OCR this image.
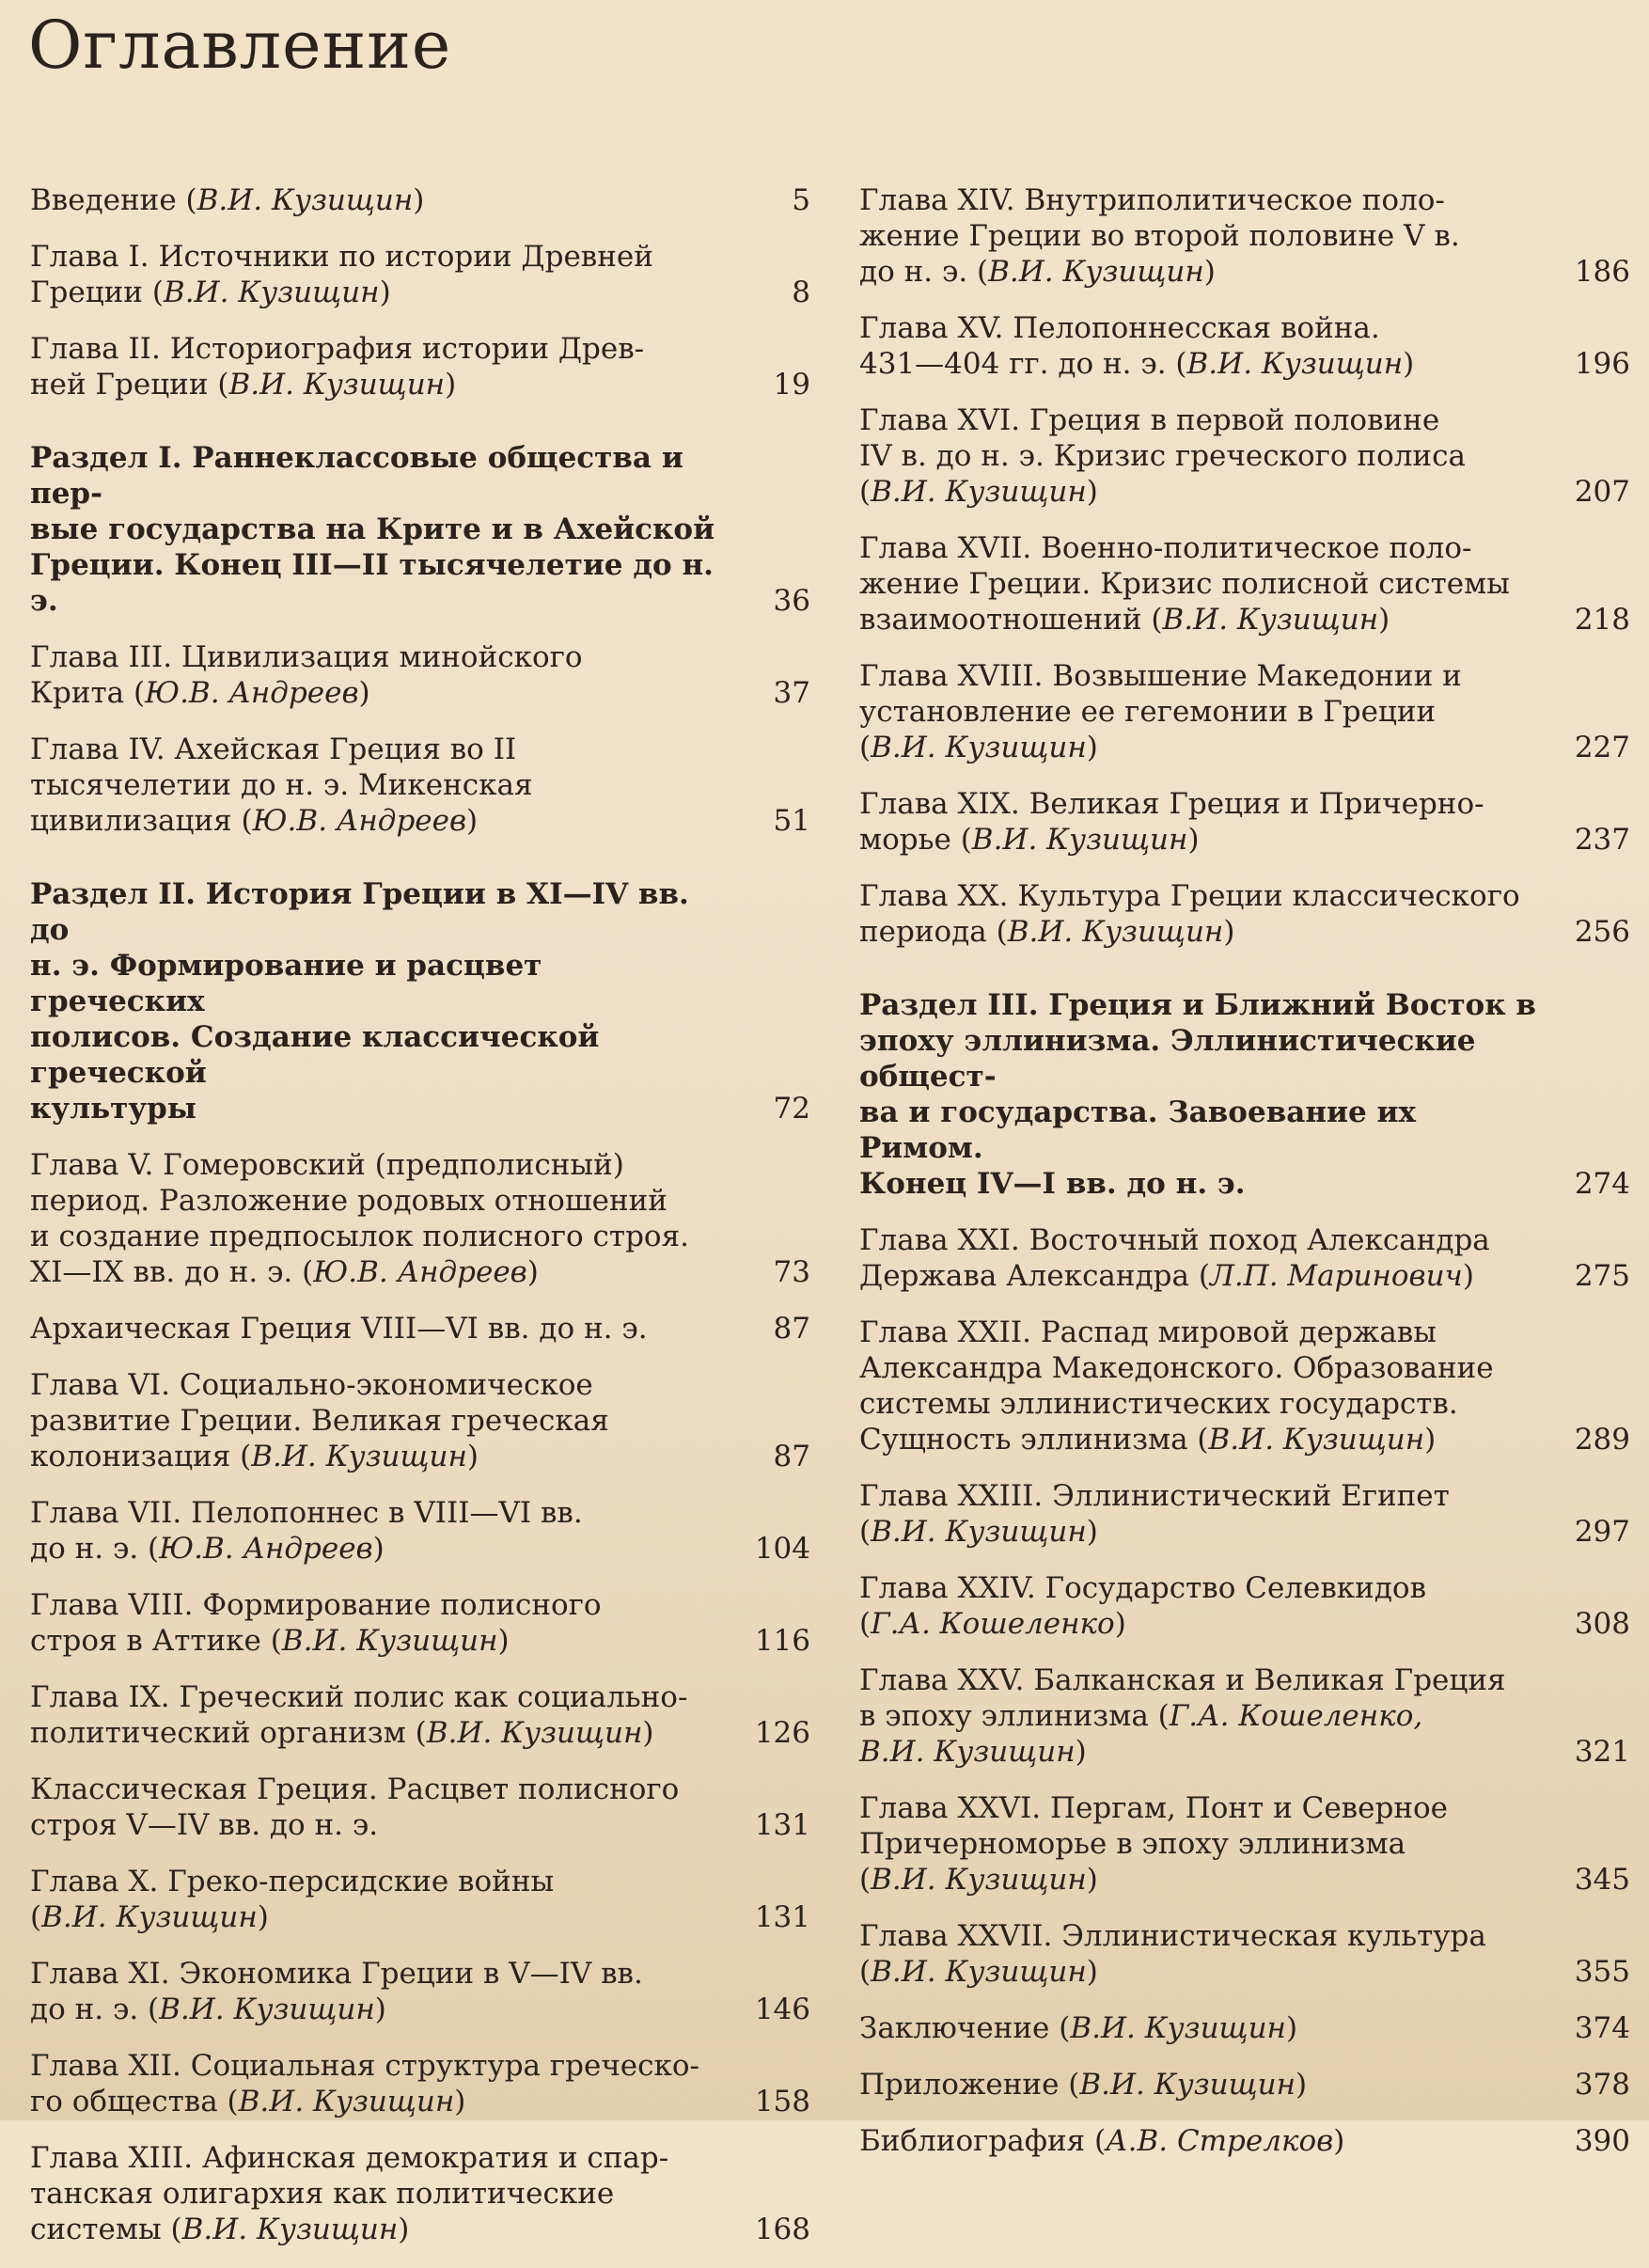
Оглавление
Введение (В.И. Кузищин)	5
Глава I. Источники по истории Древней
Греции (В.И. Кузищин)	8
Глава II. Историография истории Древ-
ней Греции (В.И. Кузищин)	19
Раздел I. Раннеклассовые общества и пер-
вые государства на Крите и в Ахейской
Греции. Конец III—II тысячелетие до н. э.	36
Глава III. Цивилизация минойского
Крита (Ю.В. Андреев)	37
Глава IV. Ахейская Греция во II
тысячелетии до н. э. Микенская
цивилизация (Ю.В. Андреев)	51
Раздел II. История Греции в XI—IV вв. до
н. э. Формирование и расцвет греческих
полисов. Создание классической греческой
культуры	72
Глава V. Гомеровский (предполисный)
период. Разложение родовых отношений
и создание предпосылок полисного строя.
XI—IX вв. до н. э. (Ю.В. Андреев)	73
Архаическая Греция VIII—VI вв. до н. э.	87
Глава VI. Социально-экономическое
развитие Греции. Великая греческая
колонизация (В.И. Кузищин)	87
Глава VII. Пелопоннес в VIII—VI вв.
до н. э. (Ю.В. Андреев)	104
Глава VIII. Формирование полисного
строя в Аттике (В.И. Кузищин)	116
Глава IX. Греческий полис как социально-
политический организм (В.И. Кузищин)	126
Классическая Греция. Расцвет полисного
строя V—IV вв. до н. э.	131
Глава X. Греко-персидские войны
(В.И. Кузищин)	131
Глава XI. Экономика Греции в V—IV вв.
до н. э. (В.И. Кузищин)	146
Глава XII. Социальная структура греческо-
го общества (В.И. Кузищин)	158
Глава XIII. Афинская демократия и спар-
танская олигархия как политические
системы (В.И. Кузищин)	168
Глава XIV. Внутриполитическое поло-
жение Греции во второй половине V в.
до н. э. (В.И. Кузищин)	186
Глава XV. Пелопоннесская война.
431—404 гг. до н. э. (В.И. Кузищин)	196
Глава XVI. Греция в первой половине
IV в. до н. э. Кризис греческого полиса
(В.И. Кузищин)	207
Глава XVII. Военно-политическое поло-
жение Греции. Кризис полисной системы
взаимоотношений (В.И. Кузищин)	218
Глава XVIII. Возвышение Македонии и
установление ее гегемонии в Греции
(В.И. Кузищин)	227
Глава XIX. Великая Греция и Причерно-
морье (В.И. Кузищин)	237
Глава XX. Культура Греции классического
периода (В.И. Кузищин)	256
Раздел III. Греция и Ближний Восток в
эпоху эллинизма. Эллинистические общест-
ва и государства. Завоевание их Римом.
Конец IV—I вв. до н. э.	274
Глава XXI. Восточный поход Александра
Держава Александра (Л.П. Маринович)	275
Глава XXII. Распад мировой державы
Александра Македонского. Образование
системы эллинистических государств.
Сущность эллинизма (В.И. Кузищин)	289
Глава XXIII. Эллинистический Египет
(В.И. Кузищин)	297
Глава XXIV. Государство Селевкидов
(Г.А. Кошеленко)	308
Глава XXV. Балканская и Великая Греция
в эпоху эллинизма (Г.А. Кошеленко,
В.И. Кузищин)	321
Глава XXVI. Пергам, Понт и Северное
Причерноморье в эпоху эллинизма
(В.И. Кузищин)	345
Глава XXVII. Эллинистическая культура
(В.И. Кузищин)	355
Заключение (В.И. Кузищин)	374
Приложение (В.И. Кузищин)	378
Библиография (А.В. Стрелков)	390
